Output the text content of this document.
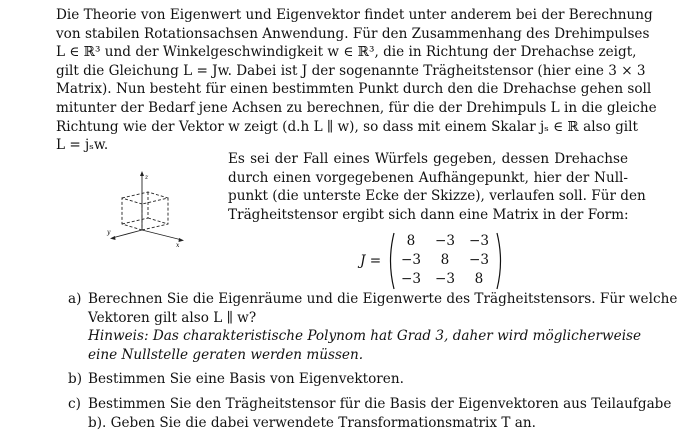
Die Theorie von Eigenwert und Eigenvektor findet unter anderem bei der Berechnung
von stabilen Rotationsachsen Anwendung. Für den Zusammenhang des Drehimpulses
L ∈ ℝ³ und der Winkelgeschwindigkeit w ∈ ℝ³, die in Richtung der Drehachse zeigt,
gilt die Gleichung L = Jw. Dabei ist J der sogenannte Trägheitstensor (hier eine 3 × 3
Matrix). Nun besteht für einen bestimmten Punkt durch den die Drehachse gehen soll
mitunter der Bedarf jene Achsen zu berechnen, für die der Drehimpuls L in die gleiche
Richtung wie der Vektor w zeigt (d.h L ∥ w), so dass mit einem Skalar jₛ ∈ ℝ also gilt
L = jₛw.
z
y
x
Es sei der Fall eines Würfels gegeben, dessen Drehachse
durch einen vorgegebenen Aufhängepunkt, hier der Null-
punkt (die unterste Ecke der Skizze), verlaufen soll. Für den
Trägheitstensor ergibt sich dann eine Matrix in der Form:
J =
8	−3	−3
−3	8	−3
−3	−3	8
a) Berechnen Sie die Eigenräume und die Eigenwerte des Trägheitstensors. Für welche
Vektoren gilt also L ∥ w?
Hinweis: Das charakteristische Polynom hat Grad 3, daher wird möglicherweise
eine Nullstelle geraten werden müssen.
b) Bestimmen Sie eine Basis von Eigenvektoren.
c) Bestimmen Sie den Trägheitstensor für die Basis der Eigenvektoren aus Teilaufgabe
b). Geben Sie die dabei verwendete Transformationsmatrix T an.
